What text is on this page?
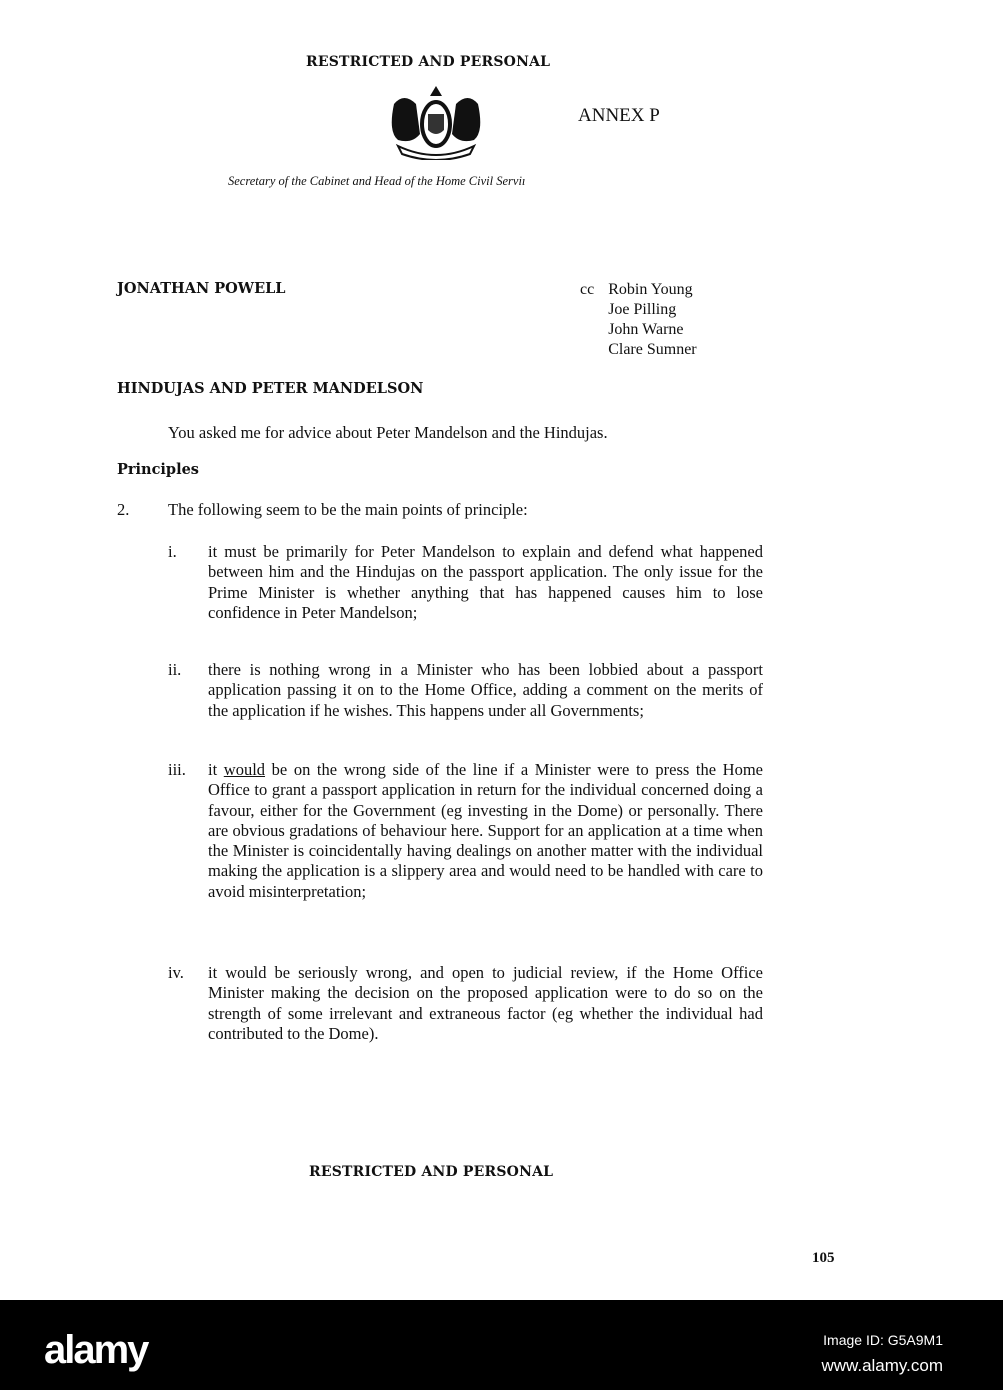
RESTRICTED AND PERSONAL
ANNEX P
Secretary of the Cabinet and Head of the Home Civil Serviı
JONATHAN POWELL	cc Robin Young
Joe Pilling
John Warne
Clare Sumner
HINDUJAS AND PETER MANDELSON
You asked me for advice about Peter Mandelson and the Hindujas.
Principles
2. The following seem to be the main points of principle:
i. it must be primarily for Peter Mandelson to explain and defend what happened between him and the Hindujas on the passport application. The only issue for the Prime Minister is whether anything that has happened causes him to lose confidence in Peter Mandelson;
ii. there is nothing wrong in a Minister who has been lobbied about a passport application passing it on to the Home Office, adding a comment on the merits of the application if he wishes. This happens under all Governments;
iii. it would be on the wrong side of the line if a Minister were to press the Home Office to grant a passport application in return for the individual concerned doing a favour, either for the Government (eg investing in the Dome) or personally. There are obvious gradations of behaviour here. Support for an application at a time when the Minister is coincidentally having dealings on another matter with the individual making the application is a slippery area and would need to be handled with care to avoid misinterpretation;
iv. it would be seriously wrong, and open to judicial review, if the Home Office Minister making the decision on the proposed application were to do so on the strength of some irrelevant and extraneous factor (eg whether the individual had contributed to the Dome).
RESTRICTED AND PERSONAL
105
alamy	Image ID: G5A9M1
www.alamy.com
